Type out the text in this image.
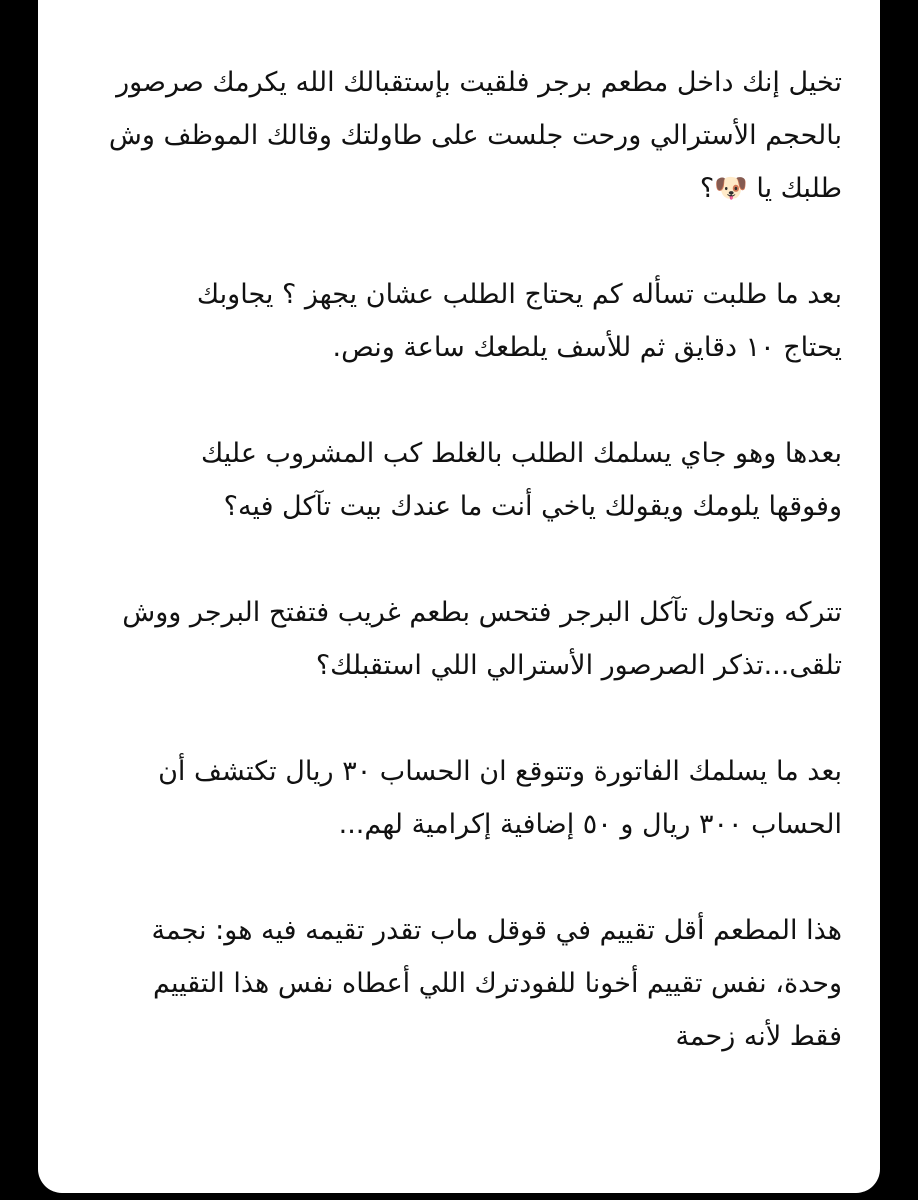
تخيل إنك داخل مطعم برجر فلقيت بإستقبالك الله يكرمك صرصور
بالحجم الأسترالي ورحت جلست على طاولتك وقالك الموظف وش
طلبك يا 🐶؟

بعد ما طلبت تسأله كم يحتاج الطلب عشان يجهز ؟ يجاوبك
يحتاج ١٠ دقايق ثم للأسف يلطعك ساعة ونص.

بعدها وهو جاي يسلمك الطلب بالغلط كب المشروب عليك
وفوقها يلومك ويقولك ياخي أنت ما عندك بيت تآكل فيه؟

تتركه وتحاول تآكل البرجر فتحس بطعم غريب فتفتح البرجر ووش
تلقى...تذكر الصرصور الأسترالي اللي استقبلك؟

بعد ما يسلمك الفاتورة وتتوقع ان الحساب ٣٠ ريال تكتشف أن
الحساب ٣٠٠ ريال و ٥٠ إضافية إكرامية لهم...

هذا المطعم أقل تقييم في قوقل ماب تقدر تقيمه فيه هو: نجمة
وحدة، نفس تقييم أخونا للفودترك اللي أعطاه نفس هذا التقييم
فقط لأنه زحمة
